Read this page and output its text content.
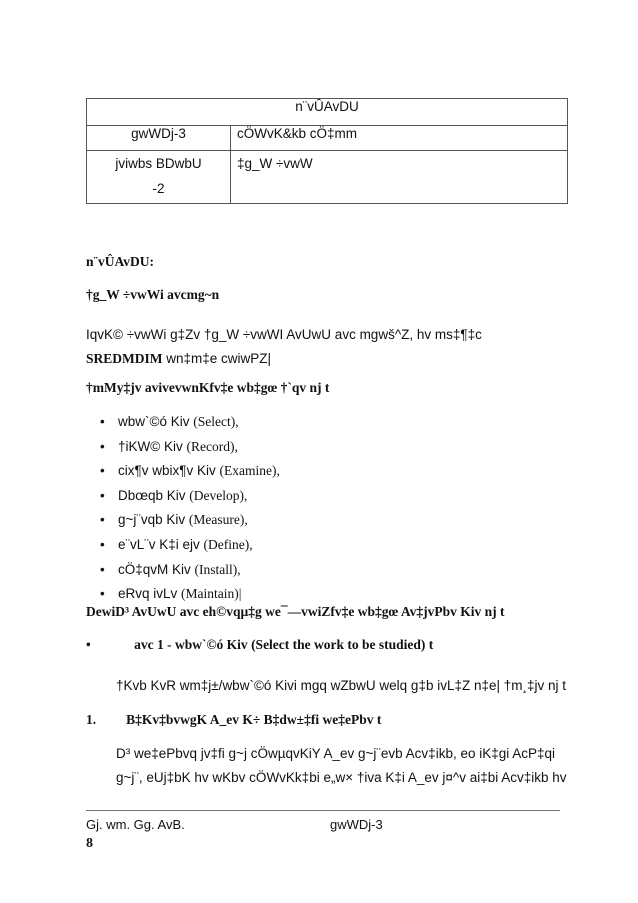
n¨vÛAvDU	
gwWDj-3	cÖWvK&kb cÖ‡mm

jviwbs BDwbU
-2	‡g_W ÷vwW
n¨vÛAvDU:
†g_W ÷vwWi avcmg~n
IqvK© ÷vwWi g‡Zv †g_W ÷vwWI AvUwU avc mgwš^Z, hv ms‡¶‡c
SREDMDIM wn‡m‡e cwiwPZ|
†mMy‡jv avivevwnKfv‡e wb‡gœ †`qv nj t
• wbw`©ó Kiv (Select),
• †iKW© Kiv (Record),
• cix¶v wbix¶v Kiv (Examine),
• Dbœqb Kiv (Develop),
• g~j¨vqb Kiv (Measure),
• e¨vL¨v K‡i ejv (Define),
• cÖ‡qvM Kiv (Install),
• eRvq ivLv (Maintain)|
DewiD³ AvUwU avc eh©vqµ‡g we¯—vwiZfv‡e wb‡gœ Av‡jvPbv Kiv nj t
•	avc 1 - wbw`©ó Kiv (Select the work to be studied) t
†Kvb KvR wm‡j±/wbw`©ó Kivi mgq wZbwU welq g‡b ivL‡Z n‡e| †m¸‡jv nj t
1. B‡Kv‡bvwgK A_ev K÷ B‡dw±‡fi we‡ePbv t
D³ we‡ePbvq jv‡fi g~j cÖwµqvKiY A_ev g~j¨evb Acv‡ikb, eo iK‡gi AcP‡qi
g~j¨, eUj‡bK hv wKbv cÖWvKk‡bi e„w× †iva K‡i A_ev j¤^v ai‡bi Acv‡ikb hv
Gj. wm. Gg. AvB.	gwWDj-3
8
